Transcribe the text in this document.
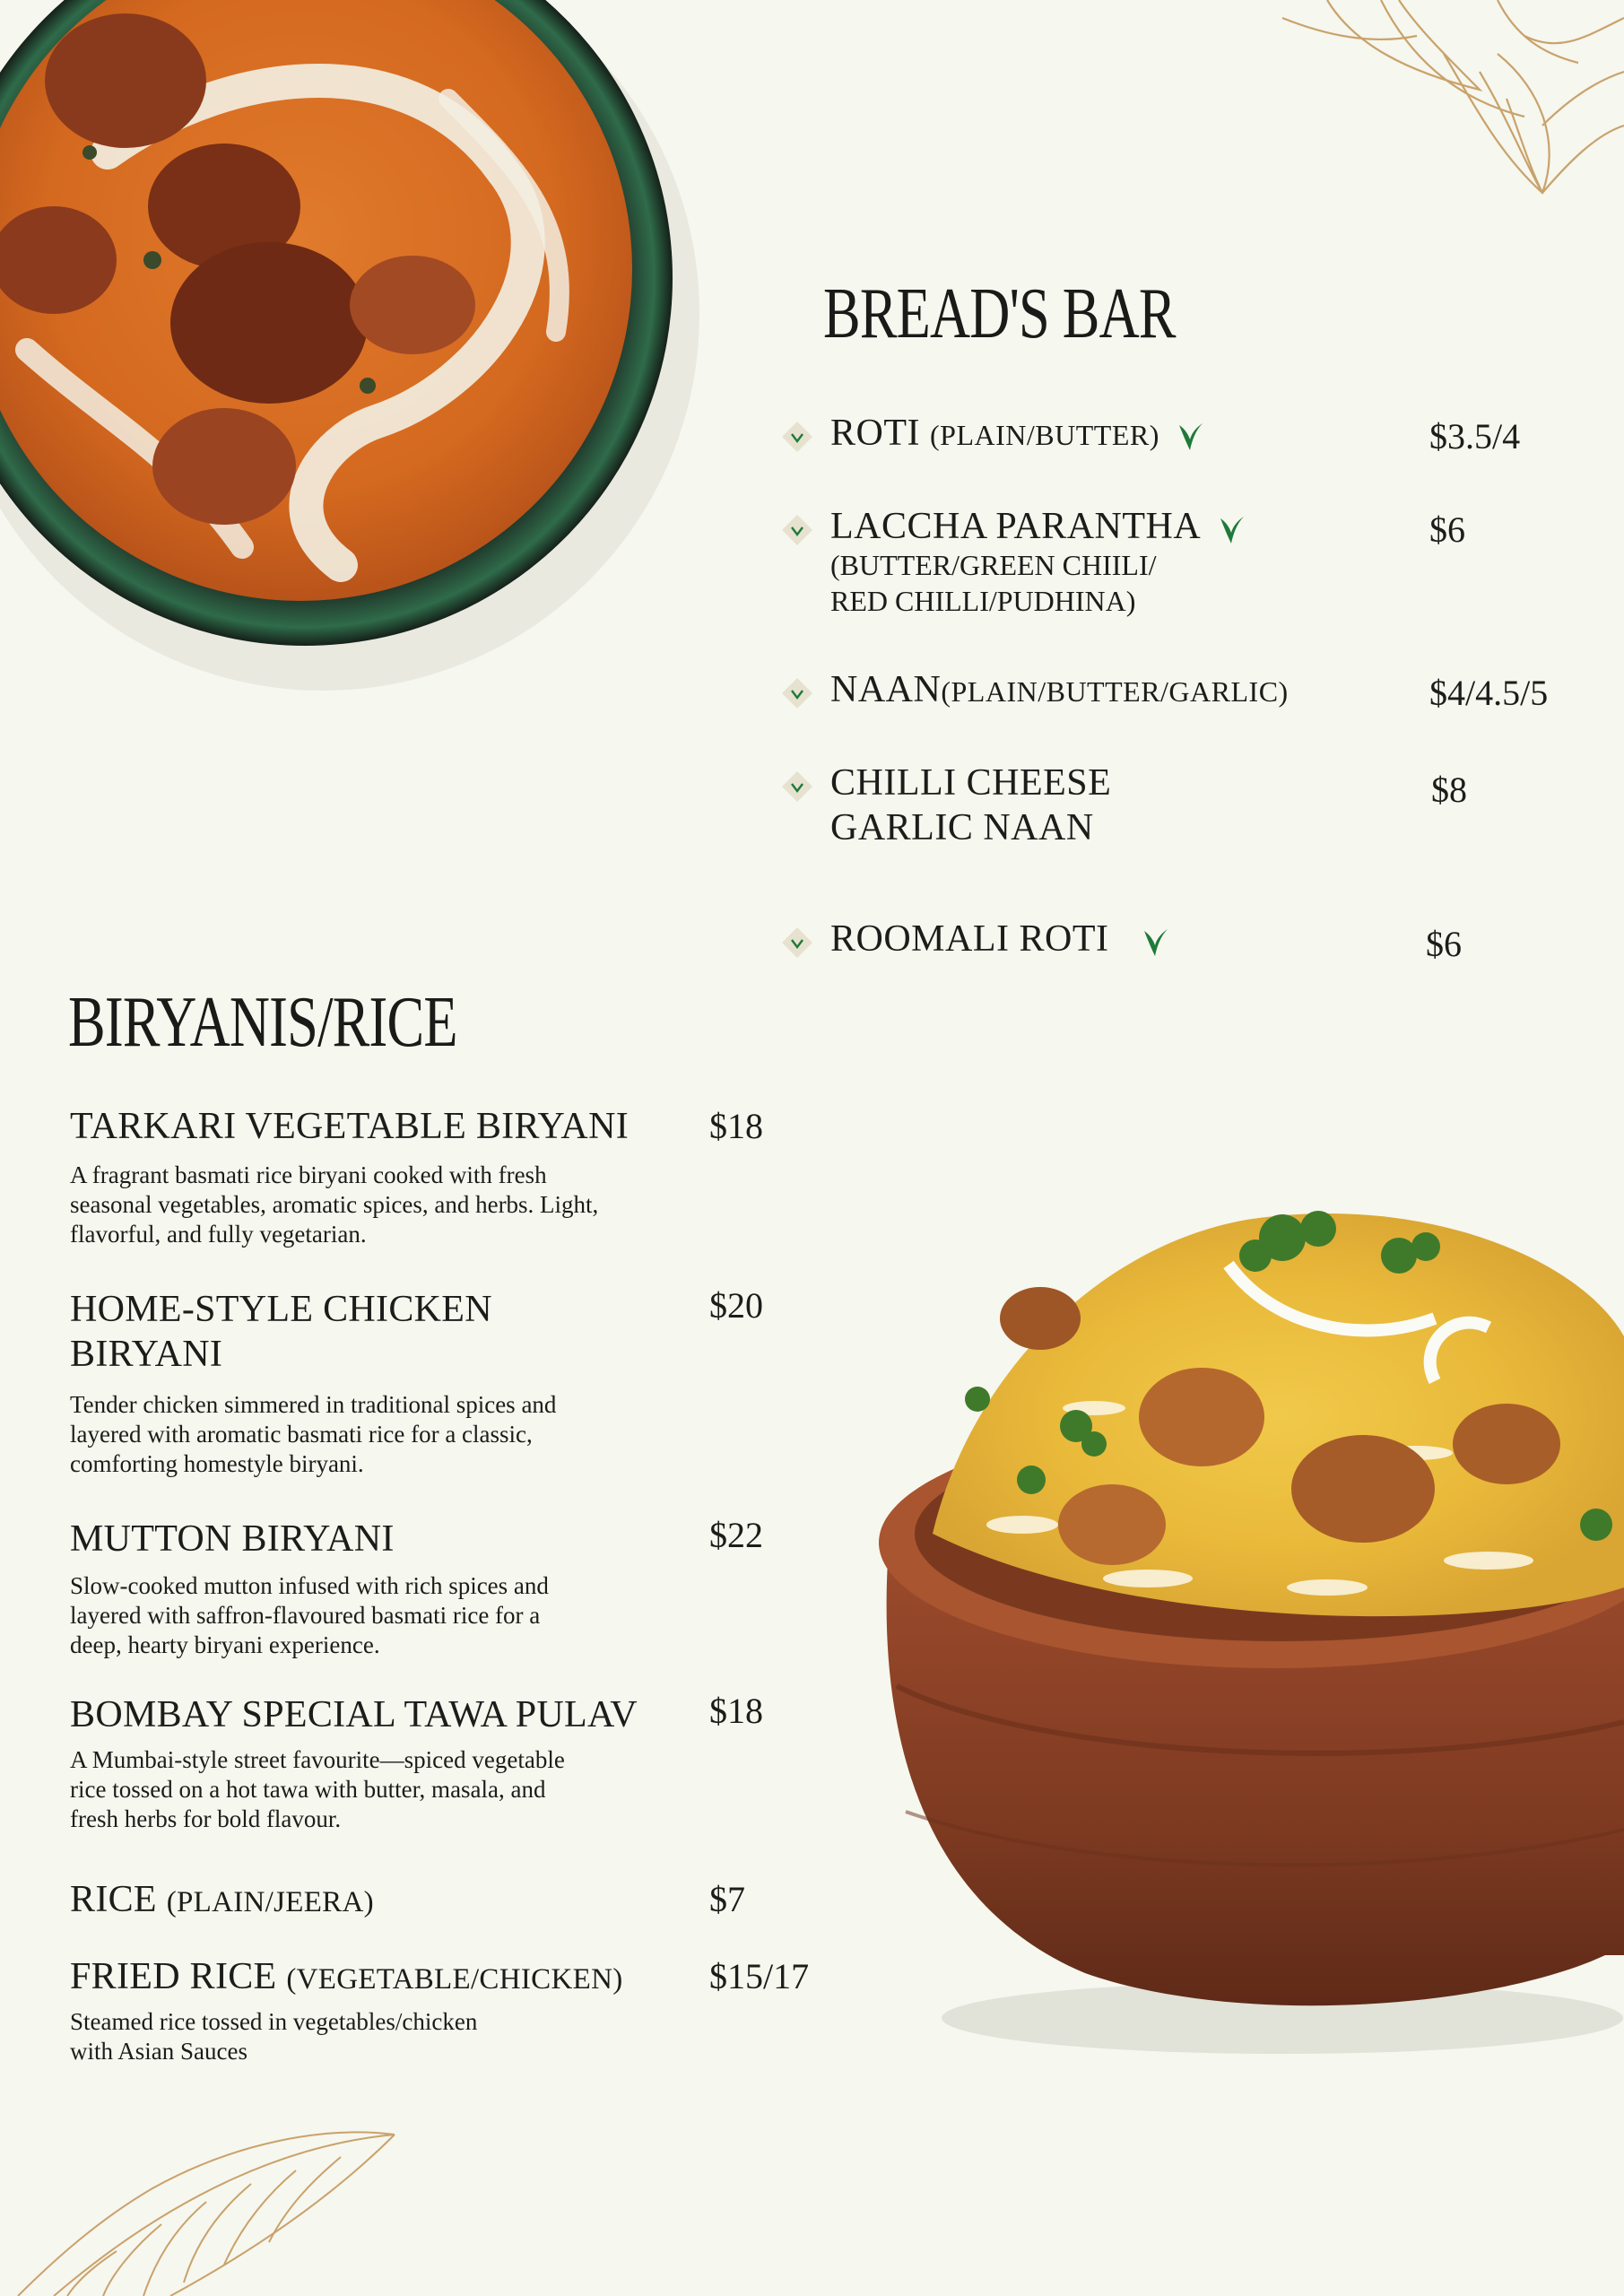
BREAD'S BAR
ROTI (PLAIN/BUTTER)	$3.5/4
LACCHA PARANTHA
(BUTTER/GREEN CHIILI/
RED CHILLI/PUDHINA)
$6
NAAN(PLAIN/BUTTER/GARLIC)	$4/4.5/5
CHILLI CHEESE
GARLIC NAAN
$8
ROOMALI ROTI	$6
BIRYANIS/RICE
TARKARI VEGETABLE BIRYANI $18
A fragrant basmati rice biryani cooked with fresh
seasonal vegetables, aromatic spices, and herbs. Light,
flavorful, and fully vegetarian.
HOME-STYLE CHICKEN
BIRYANI
$20
Tender chicken simmered in traditional spices and
layered with aromatic basmati rice for a classic,
comforting homestyle biryani.
MUTTON BIRYANI	$22
Slow-cooked mutton infused with rich spices and
layered with saffron-flavoured basmati rice for a
deep, hearty biryani experience.
BOMBAY SPECIAL TAWA PULAV $18
A Mumbai-style street favourite—spiced vegetable
rice tossed on a hot tawa with butter, masala, and
fresh herbs for bold flavour.
RICE (PLAIN/JEERA)	$7
FRIED RICE (VEGETABLE/CHICKEN) $15/17
Steamed rice tossed in vegetables/chicken
with Asian Sauces
